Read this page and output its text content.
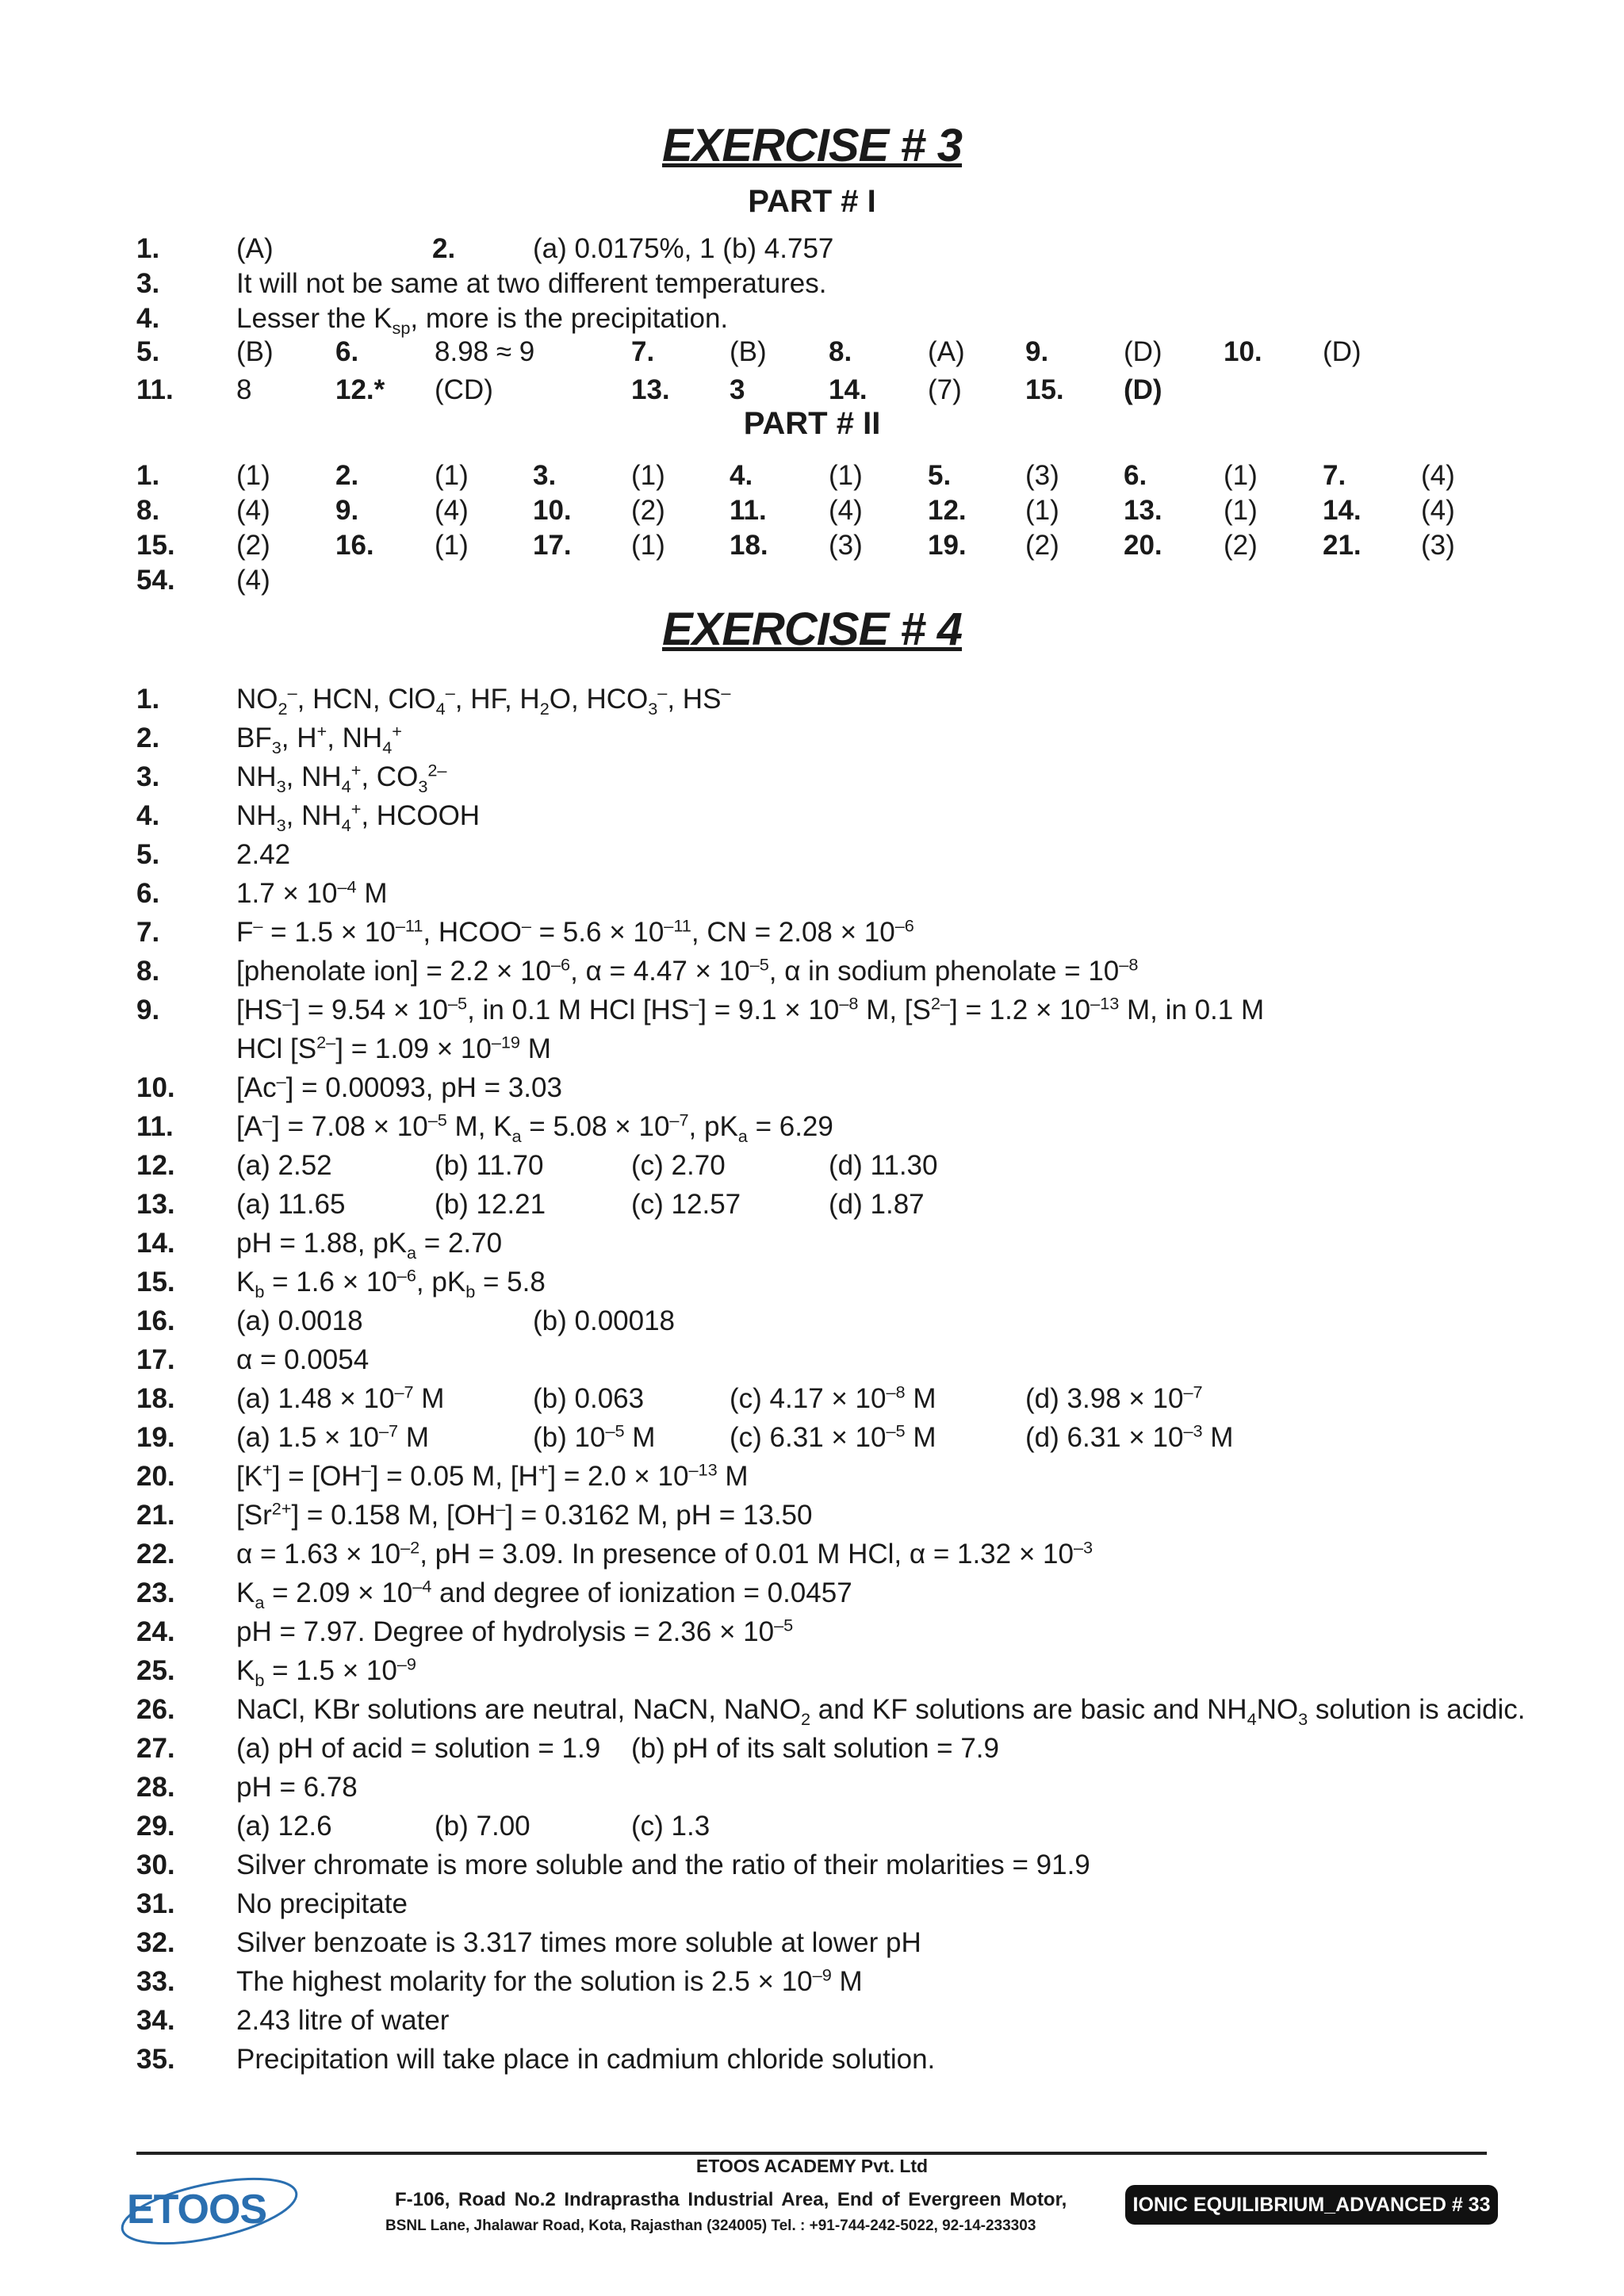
EXERCISE # 3
PART # I
1.	(A)	2.	(a) 0.0175%, 1 (b) 4.757
3.	It will not be same at two different temperatures.
4.	Lesser the $K_{sp}$, more is the precipitation.
5.	(B) 6.	8.98 ≈ 9	7.	(B) 8.	(A) 9.	(D) 10. (D)
11. 8	12.* (CD)	13. 3	14. (7) 15. (D)
PART # II
1.	(1) 2.	(1) 3.	(1) 4.	(1) 5.	(3) 6.	(1) 7.	(4)
8.	(4) 9.	(4) 10. (2) 11. (4) 12. (1) 13. (1) 14. (4)
15. (2) 16. (1) 17. (1) 18. (3) 19. (2) 20. (2) 21. (3)
54. (4)
EXERCISE # 4
1.	$NO_2^-$, HCN, ClO$_4$–, HF, $H_2O$, $HCO_3^-$, HS–
2.	$BF_3$, H+, $NH_4^+$
3.	$NH_3$, $NH_4^+$, $CO_3^{2-}$
4.	$NH_3$, $NH_4^+$, HCOOH
5.	2.42
6.	$1.7 \times 10^{-4}$ M
7.	$F^- = 1.5 \times 10^{-11}$, HCOO– = $5.6 \times 10^{-11}$, CN = $2.08 \times 10^{-6}$
8.	[phenolate $ion] = 2.2 \times 10^{-6}$, $\alpha = 4.47 \times 10^{-5}$, α in sodium phenolate = $10^{-8}$
9.	$[HS^-] = 9.54 \times 10^{-5}$, in 0.1 M HCl $[HS^-] = 9.1 \times 10^{-8}$ M, $[S^{2-}] = 1.2 \times 10^{-13}$ M, in 0.1 M
HCl $[S^{2-}] = 1.09 \times 10^{-19}$ M
10. [Ac–] = 0.00093, pH = 3.03
11. $[A^-] = 7.08 \times 10^{-5}$ M, $K_a = 5.08 \times 10^{-7}$, $pK_a = 6.29$
12. (a) 2.52	(b) 11.70	(c) 2.70	(d) 11.30
13. (a) 11.65	(b) 12.21	(c) 12.57	(d) 1.87
14. pH = 1.88, $pK_a = 2.70$
15. $K_b = 1.6 \times 10^{-6}$, $pK_b = 5.8$
16. (a) 0.0018	(b) 0.00018
17. α = 0.0054
18. (a) $1.48 \times 10^{-7}$ M	(b) 0.063	(c) $4.17 \times 10^{-8}$ M	(d) $3.98 \times 10^{-7}$
19. (a) $1.5 \times 10^{-7}$ M	(b) $10^{-5}$ M	(c) $6.31 \times 10^{-5}$ M	(d) $6.31 \times 10^{-3}$ M
20. [K+] = [OH–] = 0.05 M, $[H^+] = 2.0 \times 10^{-13}$ M
21. $[Sr^{2+}] = 0.158$ M, [OH–] = 0.3162 M, pH = 13.50
22. $\alpha = 1.63 \times 10^{-2}$, pH = 3.09. In presence of 0.01 M HCl, $\alpha = 1.32 \times 10^{-3}$
23. $K_a = 2.09 \times 10^{-4}$ and degree of ionization = 0.0457
24. pH = 7.97. Degree of hydrolysis = $2.36 \times 10^{-5}$
25. $K_b = 1.5 \times 10^{-9}$
26. NaCl, KBr solutions are neutral, NaCN, NaNO$_2$ and KF solutions are basic and $NH_4NO_3$ solution is acidic.
27. (a) pH of acid = solution = 1.9 (b) pH of its salt solution = 7.9
28. pH = 6.78
29. (a) 12.6	(b) 7.00	(c) 1.3
30. Silver chromate is more soluble and the ratio of their molarities = 91.9
31. No precipitate
32. Silver benzoate is 3.317 times more soluble at lower pH
33. The highest molarity for the solution is $2.5 \times 10^{-9}$ M
34. 2.43 litre of water
35. Precipitation will take place in cadmium chloride solution.
ETOOS
ETOOS ACADEMY Pvt. Ltd
F-106, Road No.2 Indraprastha Industrial Area, End of Evergreen Motor,
BSNL Lane, Jhalawar Road, Kota, Rajasthan (324005) Tel. : +91-744-242-5022, 92-14-233303
IONIC EQUILIBRIUM_ADVANCED # 33
